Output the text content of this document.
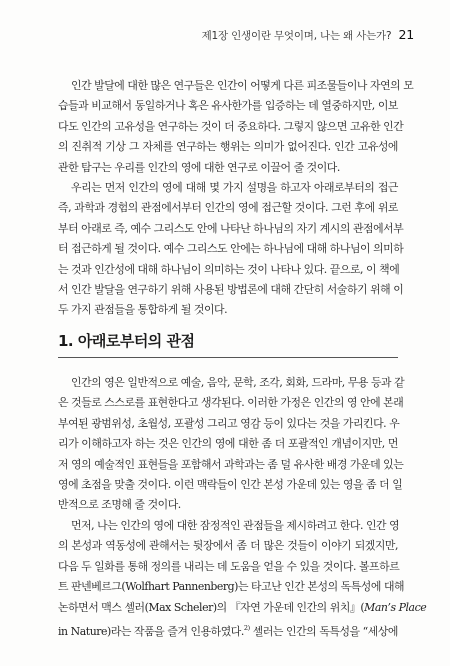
제1장 인생이란 무엇이며, 나는 왜 사는가? 21
인간 발달에 대한 많은 연구들은 인간이 어떻게 다른 피조물들이나 자연의 모
습들과 비교해서 동일하거나 혹은 유사한가를 입증하는 데 열중하지만, 이보
다도 인간의 고유성을 연구하는 것이 더 중요하다. 그렇지 않으면 고유한 인간
의 진취적 기상 그 자체를 연구하는 행위는 의미가 없어진다. 인간 고유성에
관한 탐구는 우리를 인간의 영에 대한 연구로 이끌어 줄 것이다.
우리는 먼저 인간의 영에 대해 몇 가지 설명을 하고자 아래로부터의 접근
즉, 과학과 경험의 관점에서부터 인간의 영에 접근할 것이다. 그런 후에 위로
부터 아래로 즉, 예수 그리스도 안에 나타난 하나님의 자기 계시의 관점에서부
터 접근하게 될 것이다. 예수 그리스도 안에는 하나님에 대해 하나님이 의미하
는 것과 인간성에 대해 하나님이 의미하는 것이 나타나 있다. 끝으로, 이 책에
서 인간 발달을 연구하기 위해 사용된 방법론에 대해 간단히 서술하기 위해 이
두 가지 관점들을 통합하게 될 것이다.
1. 아래로부터의 관점
인간의 영은 일반적으로 예술, 음악, 문학, 조각, 회화, 드라마, 무용 등과 같
은 것들로 스스로를 표현한다고 생각된다. 이러한 가정은 인간의 영 안에 본래
부여된 광범위성, 초월성, 포괄성 그리고 영감 등이 있다는 것을 가리킨다. 우
리가 이해하고자 하는 것은 인간의 영에 대한 좀 더 포괄적인 개념이지만, 먼
저 영의 예술적인 표현들을 포함해서 과학과는 좀 덜 유사한 배경 가운데 있는
영에 초점을 맞출 것이다. 이런 맥락들이 인간 본성 가운데 있는 영을 좀 더 일
반적으로 조명해 줄 것이다.
먼저, 나는 인간의 영에 대한 잠정적인 관점들을 제시하려고 한다. 인간 영
의 본성과 역동성에 관해서는 뒷장에서 좀 더 많은 것들이 이야기 되겠지만,
다음 두 일화를 통해 정의를 내리는 데 도움을 얻을 수 있을 것이다. 볼프하르
트 판넨베르그(Wolfhart Pannenberg)는 타고난 인간 본성의 독특성에 대해
논하면서 맥스 셸러(Max Scheler)의 『자연 가운데 인간의 위치』(Man’s Place
in Nature)라는 작품을 즐겨 인용하였다.$^{2)}$ 셸러는 인간의 독특성을 “세상에
